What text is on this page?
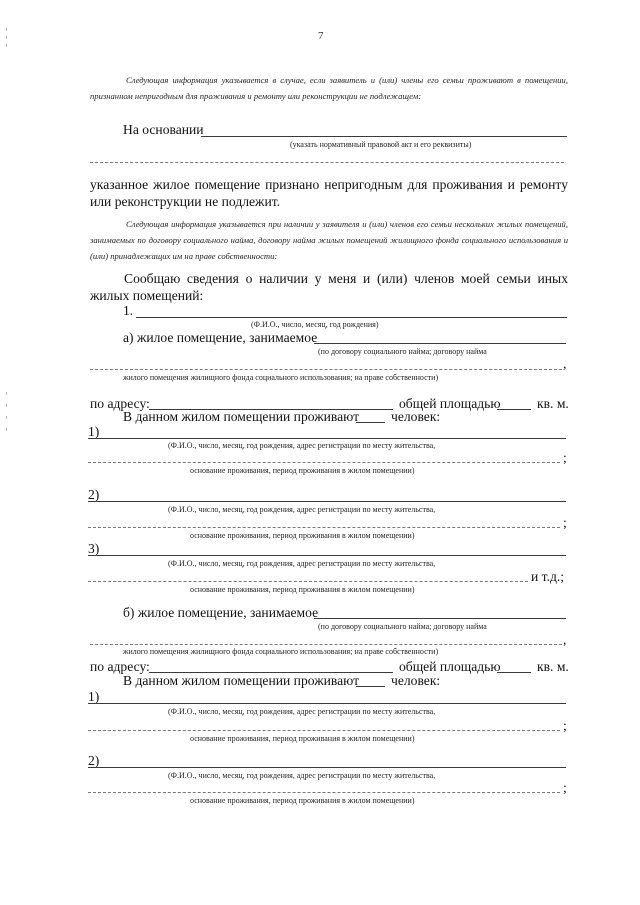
7
Следующая информация указывается в случае, если заявитель и (или) члены его семьи проживают в помещении, признанном непригодным для проживания и ремонту или реконструкции не подлежащем:
На основании
(указать нормативный правовой акт и его реквизиты)
указанное жилое помещение признано непригодным для проживания и ремонту или реконструкции не подлежит.
Следующая информация указывается при наличии у заявителя и (или) членов его семьи нескольких жилых помещений, занимаемых по договору социального найма, договору найма жилых помещений жилищного фонда социального использования и (или) принадлежащих им на праве собственности:
Сообщаю сведения о наличии у меня и (или) членов моей семьи иных жилых помещений:
1.
(Ф.И.О., число, месяц, год рождения)
а) жилое помещение, занимаемое
(по договору социального найма; договору найма
,
жилого помещения жилищного фонда социального использования; на праве собственности)
по адресу:	общей площадью	кв. м.
В данном жилом помещении проживают человек:
1)
(Ф.И.О., число, месяц, год рождения, адрес регистрации по месту жительства,
;
основание проживания, период проживания в жилом помещении)
2)
(Ф.И.О., число, месяц, год рождения, адрес регистрации по месту жительства,
;
основание проживания, период проживания в жилом помещении)
3)
(Ф.И.О., число, месяц, год рождения, адрес регистрации по месту жительства,
и т.д.;
основание проживания, период проживания в жилом помещении)
б) жилое помещение, занимаемое
(по договору социального найма; договору найма
,
жилого помещения жилищного фонда социального использования; на праве собственности)
по адресу:	общей площадью	кв. м.
В данном жилом помещении проживают человек:
1)
(Ф.И.О., число, месяц, год рождения, адрес регистрации по месту жительства,
;
основание проживания, период проживания в жилом помещении)
2)
(Ф.И.О., число, месяц, год рождения, адрес регистрации по месту жительства,
;
основание проживания, период проживания в жилом помещении)
